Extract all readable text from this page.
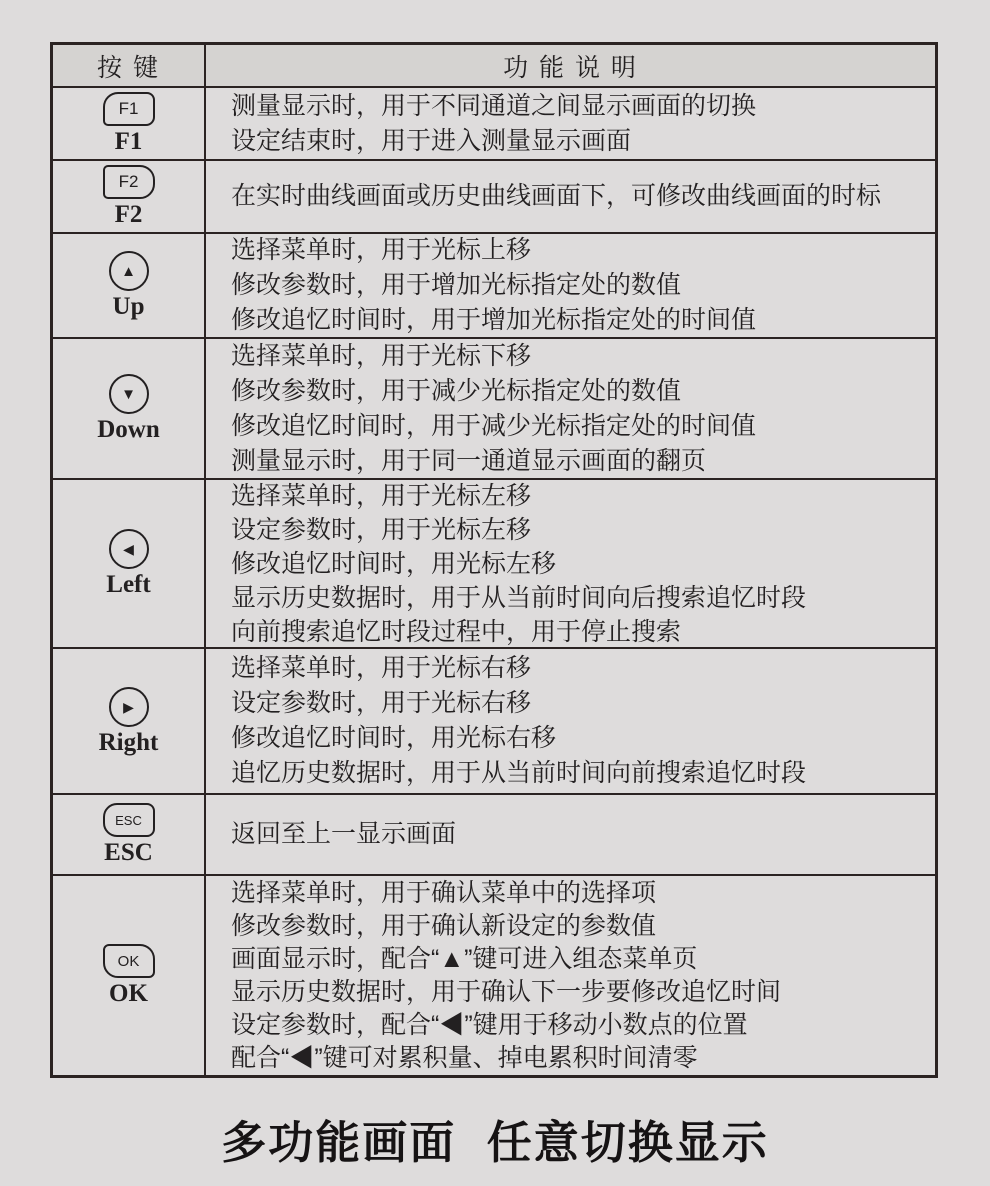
按 键	功 能 说 明
F1
F1
测量显示时，用于不同通道之间显示画面的切换
设定结束时，用于进入测量显示画面
F2
F2
在实时曲线画面或历史曲线画面下，可修改曲线画面的时标
▲
Up
选择菜单时，用于光标上移
修改参数时，用于增加光标指定处的数值
修改追忆时间时，用于增加光标指定处的时间值
▼
Down
选择菜单时，用于光标下移
修改参数时，用于减少光标指定处的数值
修改追忆时间时，用于减少光标指定处的时间值
测量显示时，用于同一通道显示画面的翻页
◀
Left
选择菜单时，用于光标左移
设定参数时，用于光标左移
修改追忆时间时，用光标左移
显示历史数据时，用于从当前时间向后搜索追忆时段
向前搜索追忆时段过程中，用于停止搜索
▶
Right
选择菜单时，用于光标右移
设定参数时，用于光标右移
修改追忆时间时，用光标右移
追忆历史数据时，用于从当前时间向前搜索追忆时段
ESC
ESC
返回至上一显示画面
OK
OK
选择菜单时，用于确认菜单中的选择项
修改参数时，用于确认新设定的参数值
画面显示时，配合“▲”键可进入组态菜单页
显示历史数据时，用于确认下一步要修改追忆时间
设定参数时，配合“◀”键用于移动小数点的位置
配合“◀”键可对累积量、掉电累积时间清零
多功能画面 任意切换显示
